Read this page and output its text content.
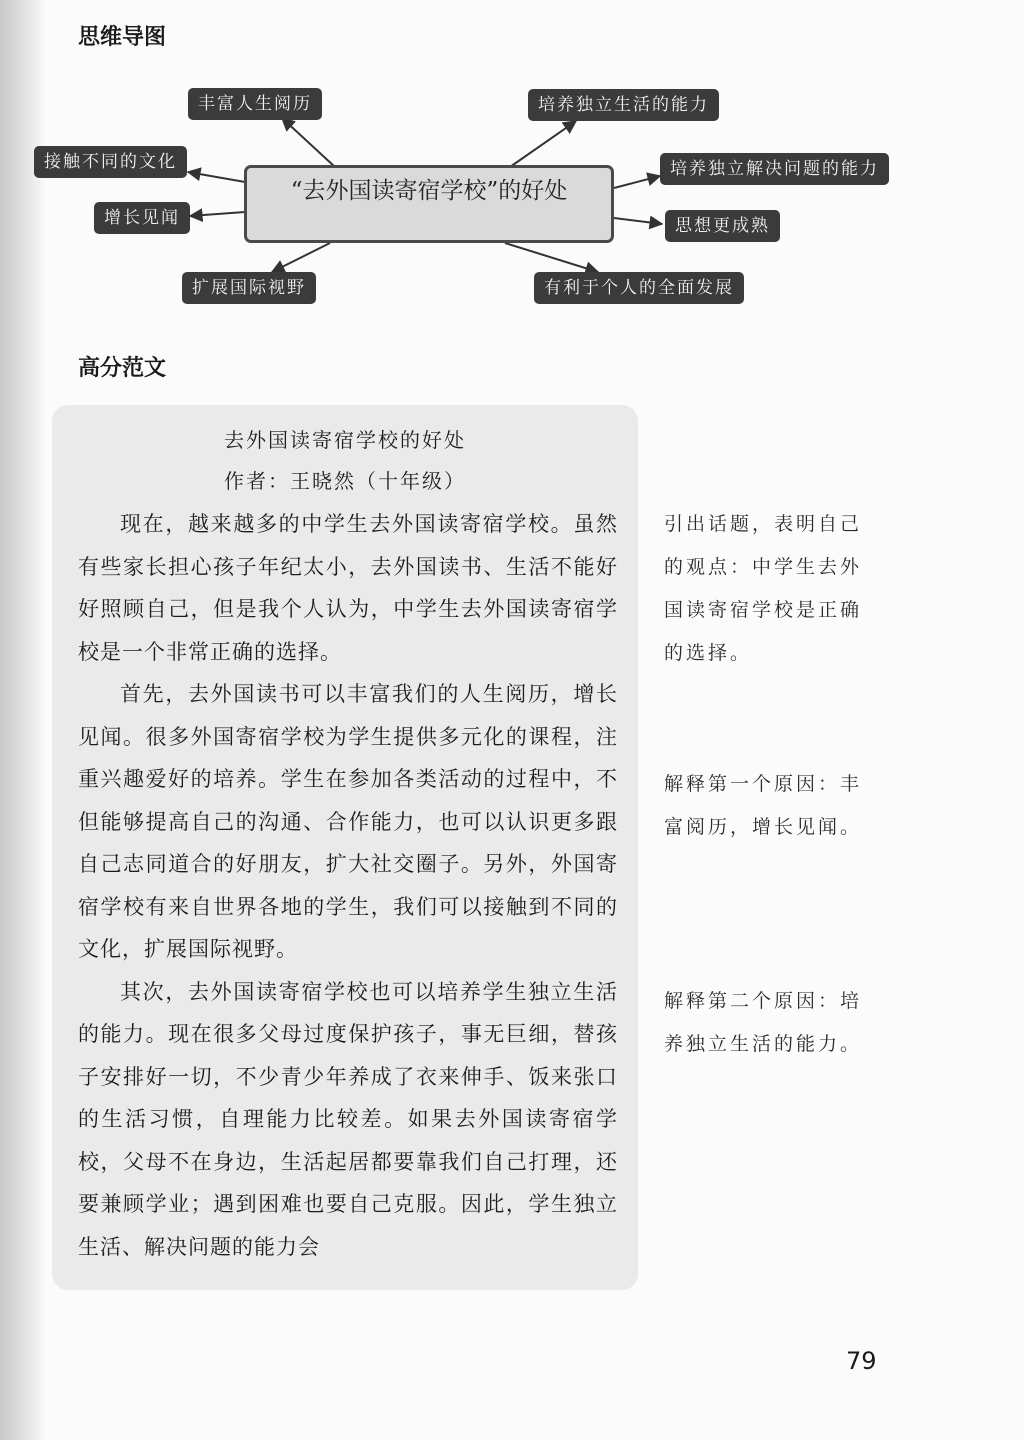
思维导图
“去外国读寄宿学校”的好处
丰富人生阅历
接触不同的文化
增长见闻
扩展国际视野
培养独立生活的能力
培养独立解决问题的能力
思想更成熟
有利于个人的全面发展
高分范文
去外国读寄宿学校的好处
作者：王晓然（十年级）

现在，越来越多的中学生去外国读寄宿学校。虽然有些家长担心孩子年纪太小，去外国读书、生活不能好好照顾自己，但是我个人认为，中学生去外国读寄宿学校是一个非常正确的选择。

首先，去外国读书可以丰富我们的人生阅历，增长见闻。很多外国寄宿学校为学生提供多元化的课程，注重兴趣爱好的培养。学生在参加各类活动的过程中，不但能够提高自己的沟通、合作能力，也可以认识更多跟自己志同道合的好朋友，扩大社交圈子。另外，外国寄宿学校有来自世界各地的学生，我们可以接触到不同的文化，扩展国际视野。

其次，去外国读寄宿学校也可以培养学生独立生活的能力。现在很多父母过度保护孩子，事无巨细，替孩子安排好一切，不少青少年养成了衣来伸手、饭来张口的生活习惯，自理能力比较差。如果去外国读寄宿学校，父母不在身边，生活起居都要靠我们自己打理，还要兼顾学业；遇到困难也要自己克服。因此，学生独立生活、解决问题的能力会

引出话题，表明自己的观点：中学生去外国读寄宿学校是正确的选择。
解释第一个原因：丰富阅历，增长见闻。
解释第二个原因：培养独立生活的能力。
79
